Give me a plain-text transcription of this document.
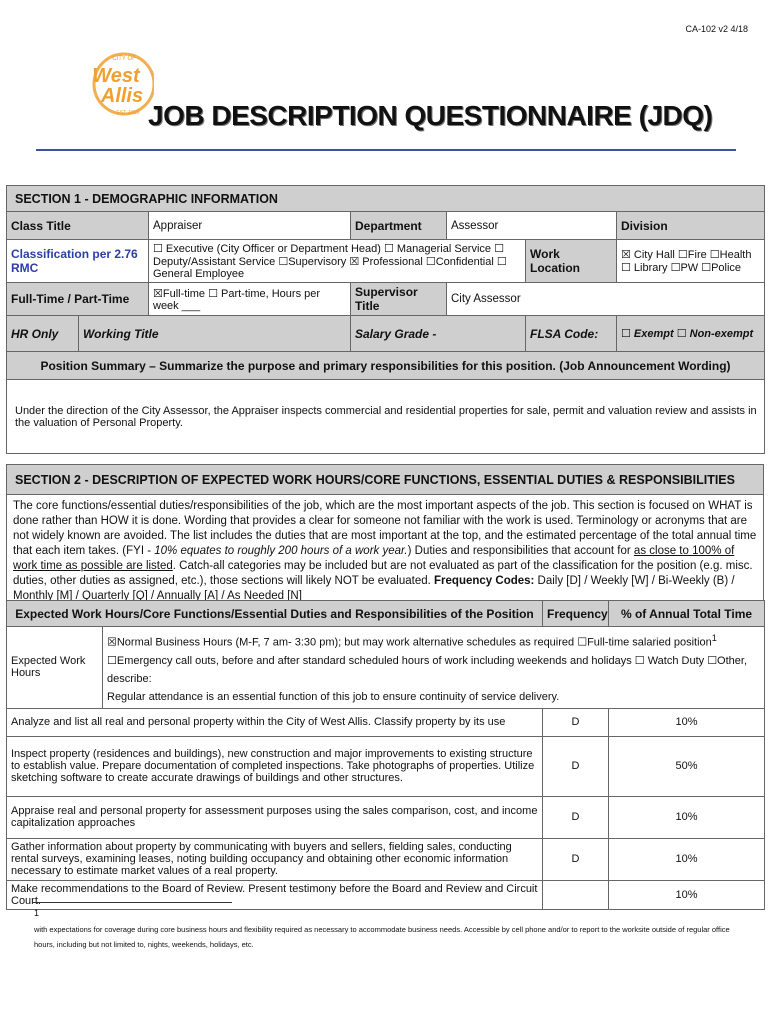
CA-102 v2 4/18
CITY OF
West
Allis
EST. 1906 JOB DESCRIPTION QUESTIONNAIRE (JDQ)
SECTION 1 - DEMOGRAPHIC INFORMATION						
Class Title		Appraiser	Department	Assessor		Division
Classification per 2.76 RMC		☐ Executive (City Officer or Department Head) ☐ Managerial Service ☐ Deputy/Assistant Service ☐Supervisory ☒ Professional ☐Confidential ☐ General Employee			Work Location	☒ City Hall ☐Fire ☐Health ☐ Library ☐PW ☐Police
Full-Time / Part-Time		☒Full-time ☐ Part-time, Hours per week ___	Supervisor Title	City Assessor		
HR Only	Working Title		Salary Grade -		FLSA Code:	☐ Exempt ☐ Non-exempt
Position Summary – Summarize the purpose and primary responsibilities for this position. (Job Announcement Wording)						
Under the direction of the City Assessor, the Appraiser inspects commercial and residential properties for sale, permit and valuation review and assists in the valuation of Personal Property.						
SECTION 2 - DESCRIPTION OF EXPECTED WORK HOURS/CORE FUNCTIONS, ESSENTIAL DUTIES & RESPONSIBILITIES
The core functions/essential duties/responsibilities of the job, which are the most important aspects of the job. This section is focused on WHAT is done rather than HOW it is done. Wording that provides a clear for someone not familiar with the work is used. Terminology or acronyms that are not widely known are avoided. The list includes the duties that are most important at the top, and the estimated percentage of the total annual time that each item takes. (FYI - 10% equates to roughly 200 hours of a work year.) Duties and responsibilities that account for as close to 100% of work time as possible are listed. Catch-all categories may be included but are not evaluated as part of the classification for the position (e.g. misc. duties, other duties as assigned, etc.), those sections will likely NOT be evaluated. Frequency Codes: Daily [D] / Weekly [W] / Bi-Weekly (B) / Monthly [M] / Quarterly [Q] / Annually [A] / As Needed [N]
Expected Work Hours/Core Functions/Essential Duties and Responsibilities of the Position		Frequency	% of Annual Total Time
Expected Work Hours	☒Normal Business Hours (M-F, 7 am- 3:30 pm); but may work alternative schedules as required ☐Full-time salaried position$^1$
☐Emergency call outs, before and after standard scheduled hours of work including weekends and holidays ☐ Watch Duty ☐Other, describe:
Regular attendance is an essential function of this job to ensure continuity of service delivery.		

Analyze and list all real and personal property within the City of West Allis. Classify property by its use		D	10%
Inspect property (residences and buildings), new construction and major improvements to existing structure to establish value. Prepare documentation of completed inspections. Take photographs of properties. Utilize sketching software to create accurate drawings of buildings and other structures.		D	50%
Appraise real and personal property for assessment purposes using the sales comparison, cost, and income capitalization approaches		D	10%
Gather information about property by communicating with buyers and sellers, fielding sales, conducting rental surveys, examining leases, noting building occupancy and obtaining other economic information necessary to estimate market values of a real property.		D	10%
Make recommendations to the Board of Review. Present testimony before the Board and Review and Circuit Court.			10%
1
with expectations for coverage during core business hours and flexibility required as necessary to accommodate business needs. Accessible by cell phone and/or to report to the worksite outside of regular office hours, including but not limited to, nights, weekends, holidays, etc.
